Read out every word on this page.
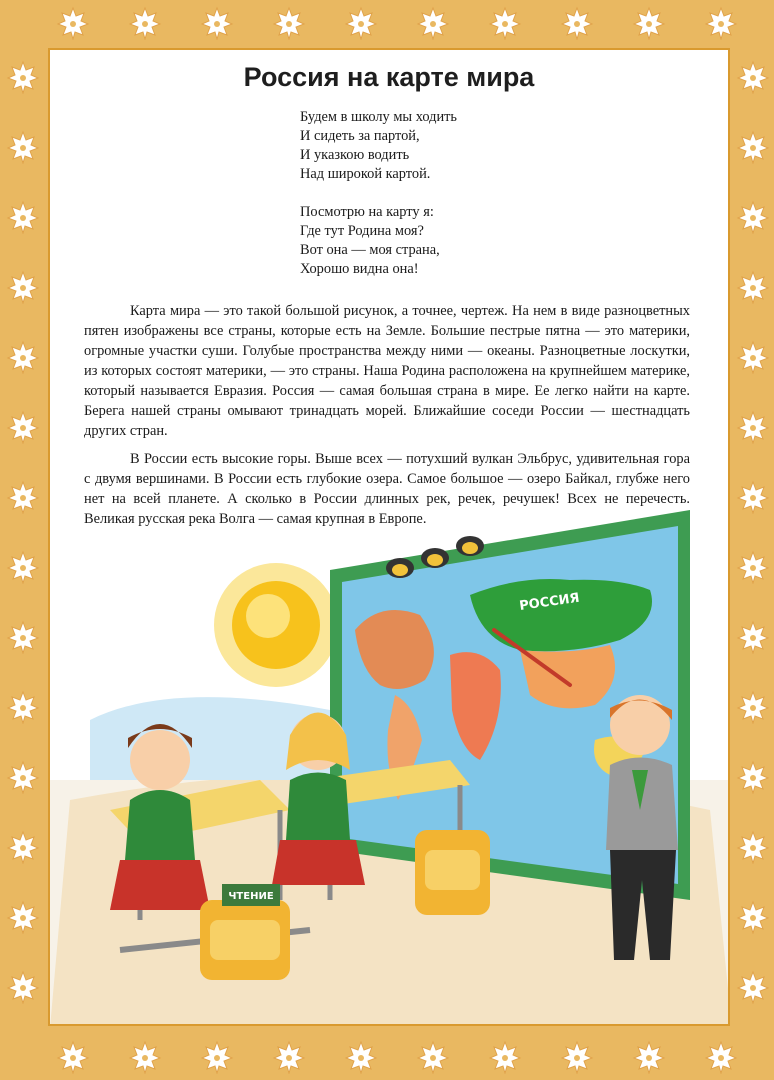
Россия на карте мира
Будем в школу мы ходить
И сидеть за партой,
И указкою водить
Над широкой картой.
Посмотрю на карту я:
Где тут Родина моя?
Вот она — моя страна,
Хорошо видна она!

Карта мира — это такой большой рисунок, а точнее, чертеж. На нем в виде разноцветных пятен изображены все страны, которые есть на Земле. Большие пестрые пятна — это материки, огромные участки суши. Голубые пространства между ними — океаны. Разноцветные лоскутки, из которых состоят материки, — это страны. Наша Родина расположена на крупнейшем материке, который называется Евразия. Россия — самая большая страна в мире. Ее легко найти на карте. Берега нашей страны омывают тринадцать морей. Ближайшие соседи России — шестнадцать других стран.

В России есть высокие горы. Выше всех — потухший вулкан Эльбрус, удивительная гора с двумя вершинами. В России есть глубокие озера. Самое большое — озеро Байкал, глубже него нет на всей планете. А сколько в России длинных рек, речек, речушек! Всех не перечесть. Великая русская река Волга — самая крупная в Европе.

РОССИЯ
ЧТЕНИЕ
